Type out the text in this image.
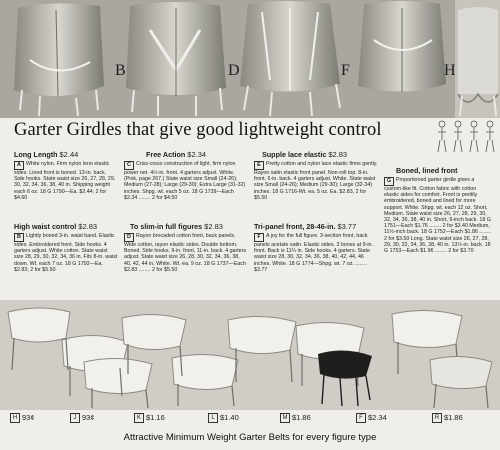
B	D	F	H
Garter Girdles that give good lightweight control
Long Length $2.44
A White nylon. Firm nylon leno elastic sides. Lined front is boned. 13-in. back. Side hooks. State waist size 26, 27, 28, 29, 30, 32, 34, 36, 38, 40 in. Shipping weight each 6 oz. 18 G 1790—Ea. $2.44; 2 for $4.60
Free Action $2.34
C Criss-cross construction of light, firm nylon power net. 4½-in. front. 4 garters adjust. White. (Pink, page 267.) State waist size Small (24-26); Medium (27-28); Large (29-30); Extra Large (31-32) inches. Shpg. wt. each 5 oz. 18 G 1739—Each $2.34 ........ 2 for $4.50
Supple lace elastic $2.83
E Pretty cotton and nylon lace elastic firms gently. Rayon satin elastic front panel. Non-roll top. 8-in. front, 6-in. back. 4 garters adjust. White. State waist size Small (24-26); Medium (29-30); Large (32-34) inches. 18 G 1716-Wt. ea. 5 oz. Ea. $2.83, 2 for $5.50
Boned, lined front
G Proportioned garter girdle gives a custom-like fit. Cotton fabric with cotton elastic sides for comfort. Front is prettily embroidered, boned and lined for more support. White. Shpg. wt. each 12 oz. Short, Medium. State waist size 26, 27, 28, 29, 30, 32, 34, 36, 38, 40 in. Short, 9-inch back. 18 G 1751—Each $1.76 ........ 2 for $3.40 Medium, 11½-inch back. 18 G 1752—Each $1.86 ........ 2 for $3.50 Long. State waist size 26, 27, 28, 29, 30, 32, 34, 36, 38, 40 in. 13½-in. back. 18 G 1753—Each $1.96 ........ 2 for $3.70
High waist control $2.83
B Lightly boned 3-in. waist band. Elastic sides. Embroidered front. Side hooks. 4 garters adjust. White cotton. State waist size 28, 29, 30, 32, 34, 36 in. Fits 8-in. waist down. Wt. each 7 oz. 18 G 1792—Ea. $2.83; 2 for $5.50
To slim-in full figures $2.83
D Rayon brocaded cotton front, back panels. Wide cotton, rayon elastic sides. Double bottom. Boned. Side hooks. 9-in. front, 11-in. back. 4 garters adjust. State waist size 26, 28, 30, 32, 34, 36, 38, 40, 42, 44 in. White. Wt. ea. 9 oz. 18 G 1737—Each $2.83 ........ 2 for $5.50
Tri-panel front, 28-46-in. $3.77
F A joy for the full figure. 3-section front, back panels acetate satin. Elastic sides. 3 bones at 9-in. front. Back is 11¼ in. Side hooks. 4 garters. State waist size 28, 30, 32, 34, 36, 38, 40, 42, 44, 46 inches. White. 18 G 1774—Shpg. wt. 7 oz. ........ $3.77
H 93¢	J 93¢	K $1.16	L $1.40	M $1.86	F $2.34	R $1.86
Attractive Minimum Weight Garter Belts for every figure type
